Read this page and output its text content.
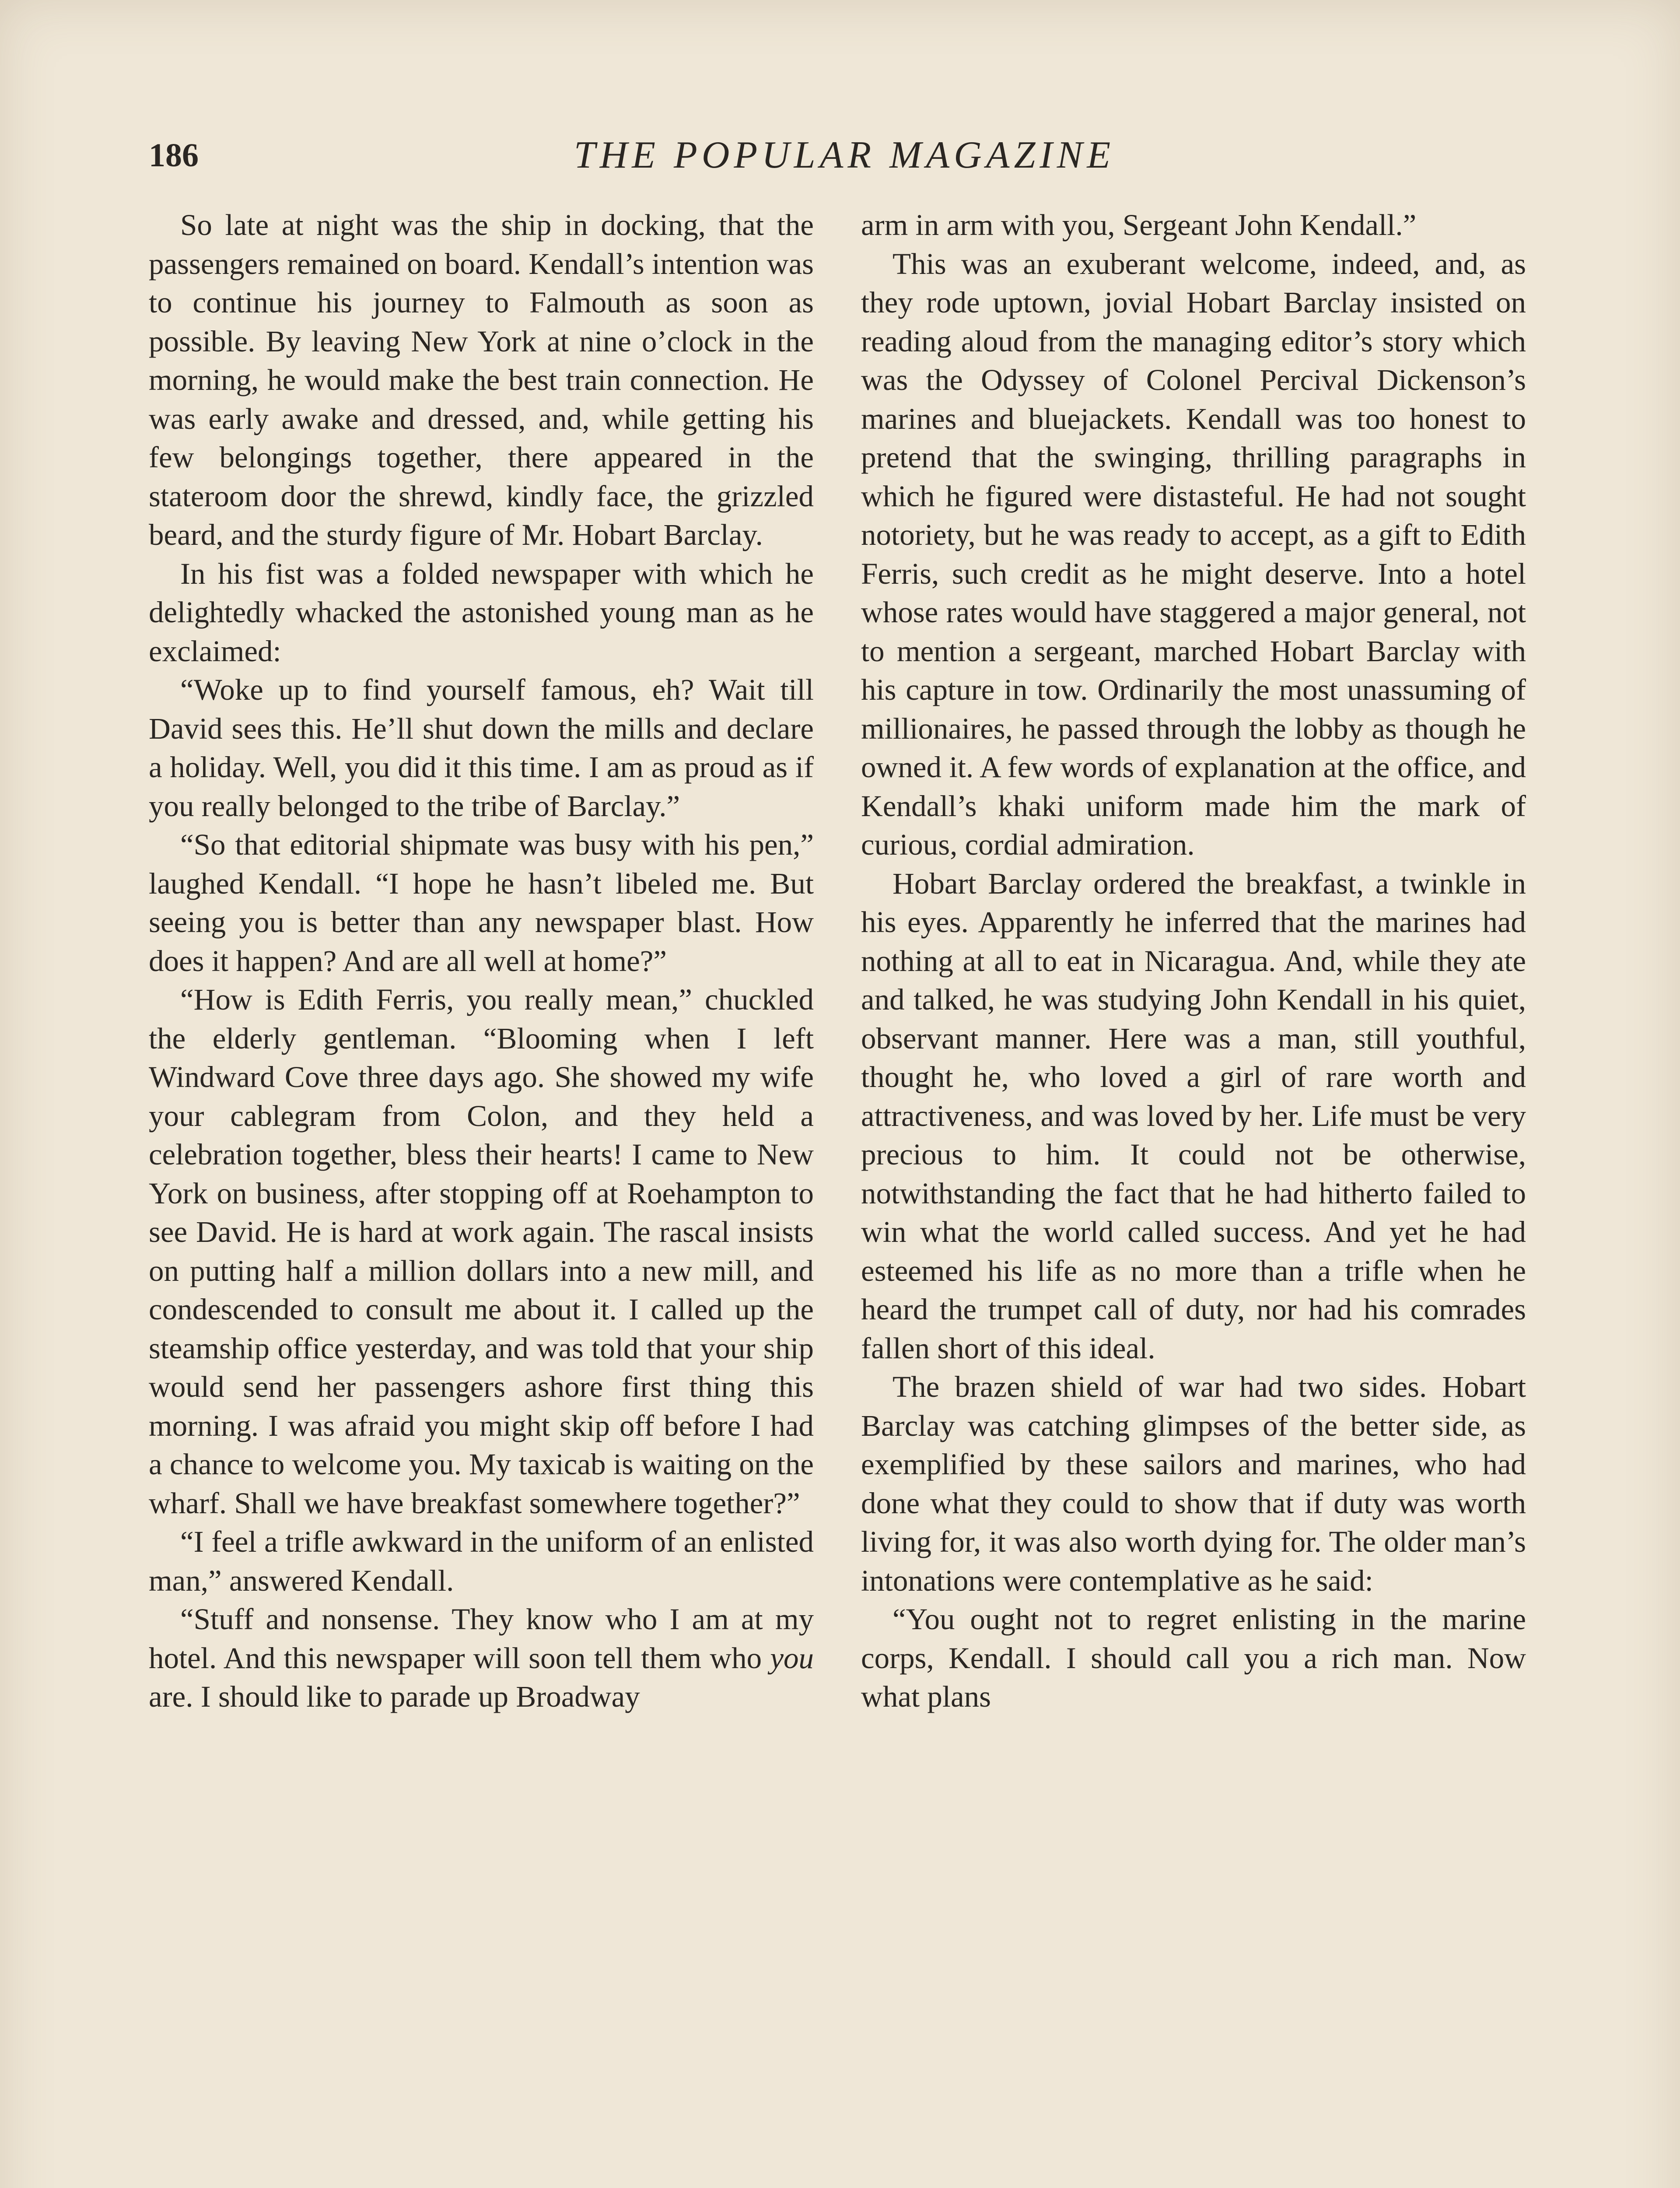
186	THE POPULAR MAGAZINE

So late at night was the ship in docking, that the passengers remained on board. Kendall’s intention was to continue his journey to Falmouth as soon as possible. By leaving New York at nine o’clock in the morning, he would make the best train connection. He was early awake and dressed, and, while getting his few belongings together, there appeared in the stateroom door the shrewd, kindly face, the grizzled beard, and the sturdy figure of Mr. Hobart Barclay.

In his fist was a folded newspaper with which he delightedly whacked the astonished young man as he exclaimed:

“Woke up to find yourself famous, eh? Wait till David sees this. He’ll shut down the mills and declare a holiday. Well, you did it this time. I am as proud as if you really belonged to the tribe of Barclay.”

“So that editorial shipmate was busy with his pen,” laughed Kendall. “I hope he hasn’t libeled me. But seeing you is better than any newspaper blast. How does it happen? And are all well at home?”

“How is Edith Ferris, you really mean,” chuckled the elderly gentleman. “Blooming when I left Windward Cove three days ago. She showed my wife your cablegram from Colon, and they held a celebration together, bless their hearts! I came to New York on business, after stopping off at Roehampton to see David. He is hard at work again. The rascal insists on putting half a million dollars into a new mill, and condescended to consult me about it. I called up the steamship office yesterday, and was told that your ship would send her passengers ashore first thing this morning. I was afraid you might skip off before I had a chance to welcome you. My taxicab is waiting on the wharf. Shall we have breakfast somewhere together?”

“I feel a trifle awkward in the uniform of an enlisted man,” answered Kendall.

“Stuff and nonsense. They know who I am at my hotel. And this newspaper will soon tell them who you are. I should like to parade up Broadway

arm in arm with you, Sergeant John Kendall.”

This was an exuberant welcome, indeed, and, as they rode uptown, jovial Hobart Barclay insisted on reading aloud from the managing editor’s story which was the Odyssey of Colonel Percival Dickenson’s marines and bluejackets. Kendall was too honest to pretend that the swinging, thrilling paragraphs in which he figured were distasteful. He had not sought notoriety, but he was ready to accept, as a gift to Edith Ferris, such credit as he might deserve. Into a hotel whose rates would have staggered a major general, not to mention a sergeant, marched Hobart Barclay with his capture in tow. Ordinarily the most unassuming of millionaires, he passed through the lobby as though he owned it. A few words of explanation at the office, and Kendall’s khaki uniform made him the mark of curious, cordial admiration.

Hobart Barclay ordered the breakfast, a twinkle in his eyes. Apparently he inferred that the marines had nothing at all to eat in Nicaragua. And, while they ate and talked, he was studying John Kendall in his quiet, observant manner. Here was a man, still youthful, thought he, who loved a girl of rare worth and attractiveness, and was loved by her. Life must be very precious to him. It could not be otherwise, notwithstanding the fact that he had hitherto failed to win what the world called success. And yet he had esteemed his life as no more than a trifle when he heard the trumpet call of duty, nor had his comrades fallen short of this ideal.

The brazen shield of war had two sides. Hobart Barclay was catching glimpses of the better side, as exemplified by these sailors and marines, who had done what they could to show that if duty was worth living for, it was also worth dying for. The older man’s intonations were contemplative as he said:

“You ought not to regret enlisting in the marine corps, Kendall. I should call you a rich man. Now what plans
